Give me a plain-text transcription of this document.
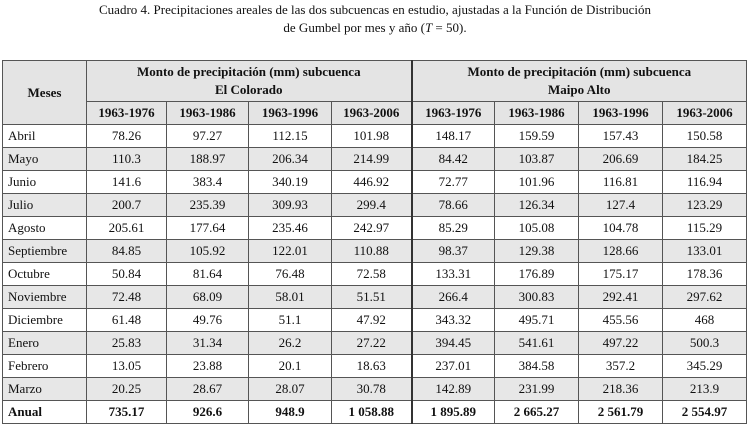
Cuadro 4. Precipitaciones areales de las dos subcuencas en estudio, ajustadas a la Función de Distribución
de Gumbel por mes y año (T = 50).
Meses	Monto de precipitación (mm) subcuenca
El Colorado				Monto de precipitación (mm) subcuenca
Maipo Alto			

	1963-1976	1963-1986	1963-1996	1963-2006	1963-1976	1963-1986	1963-1996	1963-2006
Abril	78.26	97.27	112.15	101.98	148.17	159.59	157.43	150.58
Mayo	110.3	188.97	206.34	214.99	84.42	103.87	206.69	184.25
Junio	141.6	383.4	340.19	446.92	72.77	101.96	116.81	116.94
Julio	200.7	235.39	309.93	299.4	78.66	126.34	127.4	123.29
Agosto	205.61	177.64	235.46	242.97	85.29	105.08	104.78	115.29
Septiembre	84.85	105.92	122.01	110.88	98.37	129.38	128.66	133.01
Octubre	50.84	81.64	76.48	72.58	133.31	176.89	175.17	178.36
Noviembre	72.48	68.09	58.01	51.51	266.4	300.83	292.41	297.62
Diciembre	61.48	49.76	51.1	47.92	343.32	495.71	455.56	468
Enero	25.83	31.34	26.2	27.22	394.45	541.61	497.22	500.3
Febrero	13.05	23.88	20.1	18.63	237.01	384.58	357.2	345.29
Marzo	20.25	28.67	28.07	30.78	142.89	231.99	218.36	213.9
Anual	735.17	926.6	948.9	1 058.88	1 895.89	2 665.27	2 561.79	2 554.97
